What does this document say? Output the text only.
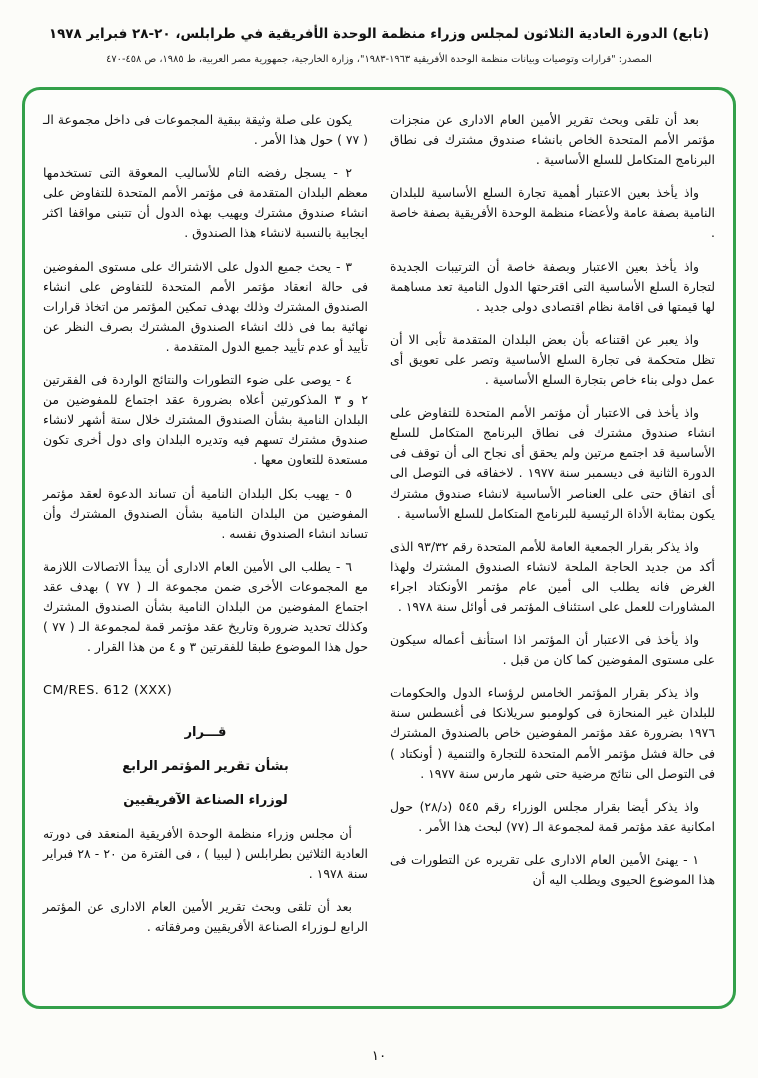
(تابع) الدورة العادية الثلاثون لمجلس وزراء منظمة الوحدة الأفريقية في طرابلس، ٢٠-٢٨ فبراير ١٩٧٨
المصدر: "قرارات وتوصيات وبيانات منظمة الوحدة الأفريقية ١٩٦٣-١٩٨٣"، وزارة الخارجية، جمهورية مصر العربية، ط ١٩٨٥، ص ٤٥٨-٤٧٠

بعد أن تلقى وبحث تقرير الأمين العام الادارى عن منجزات مؤتمر الأمم المتحدة الخاص بانشاء صندوق مشترك فى نطاق البرنامج المتكامل للسلع الأساسية .

واذ يأخذ بعين الاعتبار أهمية تجارة السلع الأساسية للبلدان النامية بصفة عامة ولأعضاء منظمة الوحدة الأفريقية بصفة خاصة .

واذ يأخذ بعين الاعتبار وبصفة خاصة أن الترتيبات الجديدة لتجارة السلع الأساسية التى اقترحتها الدول النامية تعد مساهمة لها قيمتها فى اقامة نظام اقتصادى دولى جديد .

واذ يعبر عن اقتناعه بأن بعض البلدان المتقدمة تأبى الا أن تظل متحكمة فى تجارة السلع الأساسية وتصر على تعويق أى عمل دولى بناء خاص بتجارة السلع الأساسية .

واذ يأخذ فى الاعتبار أن مؤتمر الأمم المتحدة للتفاوض على انشاء صندوق مشترك فى نطاق البرنامج المتكامل للسلع الأساسية قد اجتمع مرتين ولم يحقق أى نجاح الى أن توقف فى الدورة الثانية فى ديسمبر سنة ١٩٧٧ . لاخفاقه فى التوصل الى أى اتفاق حتى على العناصر الأساسية لانشاء صندوق مشترك يكون بمثابة الأداة الرئيسية للبرنامج المتكامل للسلع الأساسية .

واذ يذكر بقرار الجمعية العامة للأمم المتحدة رقم ٩٣/٣٢ الذى أكد من جديد الحاجة الملحة لانشاء الصندوق المشترك ولهذا الغرض فانه يطلب الى أمين عام مؤتمر الأونكتاد اجراء المشاورات للعمل على استئناف المؤتمر فى أوائل سنة ١٩٧٨ .

واذ يأخذ فى الاعتبار أن المؤتمر اذا استأنف أعماله سيكون على مستوى المفوضين كما كان من قبل .

واذ يذكر بقرار المؤتمر الخامس لرؤساء الدول والحكومات للبلدان غير المنحازة فى كولومبو سريلانكا فى أغسطس سنة ١٩٧٦ بضرورة عقد مؤتمر المفوضين خاص بالصندوق المشترك فى حالة فشل مؤتمر الأمم المتحدة للتجارة والتنمية ( أونكتاد ) فى التوصل الى نتائج مرضية حتى شهر مارس سنة ١٩٧٧ .

واذ يذكر أيضا بقرار مجلس الوزراء رقم ٥٤٥ (د/٢٨) حول امكانية عقد مؤتمر قمة لمجموعة الـ (٧٧) لبحث هذا الأمر .

١ - يهنئ الأمين العام الادارى على تقريره عن التطورات فى هذا الموضوع الحيوى ويطلب اليه أن

يكون على صلة وثيقة ببقية المجموعات فى داخل مجموعة الـ ( ٧٧ ) حول هذا الأمر .

٢ - يسجل رفضه التام للأساليب المعوقة التى تستخدمها معظم البلدان المتقدمة فى مؤتمر الأمم المتحدة للتفاوض على انشاء صندوق مشترك ويهيب بهذه الدول أن تتبنى مواقفا اكثر ايجابية بالنسبة لانشاء هذا الصندوق .

٣ - يحث جميع الدول على الاشتراك على مستوى المفوضين فى حالة انعقاد مؤتمر الأمم المتحدة للتفاوض على انشاء الصندوق المشترك وذلك بهدف تمكين المؤتمر من اتخاذ قرارات نهائية بما فى ذلك انشاء الصندوق المشترك بصرف النظر عن تأييد أو عدم تأييد جميع الدول المتقدمة .

٤ - يوصى على ضوء التطورات والنتائج الواردة فى الفقرتين ٢ و ٣ المذكورتين أعلاه بضرورة عقد اجتماع للمفوضين من البلدان النامية بشأن الصندوق المشترك خلال ستة أشهر لانشاء صندوق مشترك تسهم فيه وتديره البلدان واى دول أخرى تكون مستعدة للتعاون معها .

٥ - يهيب بكل البلدان النامية أن تساند الدعوة لعقد مؤتمر المفوضين من البلدان النامية بشأن الصندوق المشترك وأن تساند انشاء الصندوق نفسه .

٦ - يطلب الى الأمين العام الادارى أن يبدأ الاتصالات اللازمة مع المجموعات الأخرى ضمن مجموعة الـ ( ٧٧ ) بهدف عقد اجتماع المفوضين من البلدان النامية بشأن الصندوق المشترك وكذلك تحديد ضرورة وتاريخ عقد مؤتمر قمة لمجموعة الـ ( ٧٧ ) حول هذا الموضوع طبقا للفقرتين ٣ و ٤ من هذا القرار .

CM/RES. 612 (XXX)
قـــرار
بشأن تقرير المؤتمر الرابع
لوزراء الصناعة الآفريقيين

أن مجلس وزراء منظمة الوحدة الأفريقية المنعقد فى دورته العادية الثلاثين بطرابلس ( ليبيا ) ، فى الفترة من ٢٠ - ٢٨ فبراير سنة ١٩٧٨ .

بعد أن تلقى وبحث تقرير الأمين العام الادارى عن المؤتمر الرابع لـوزراء الصناعة الأفريقيين ومرفقاته .

١٠
